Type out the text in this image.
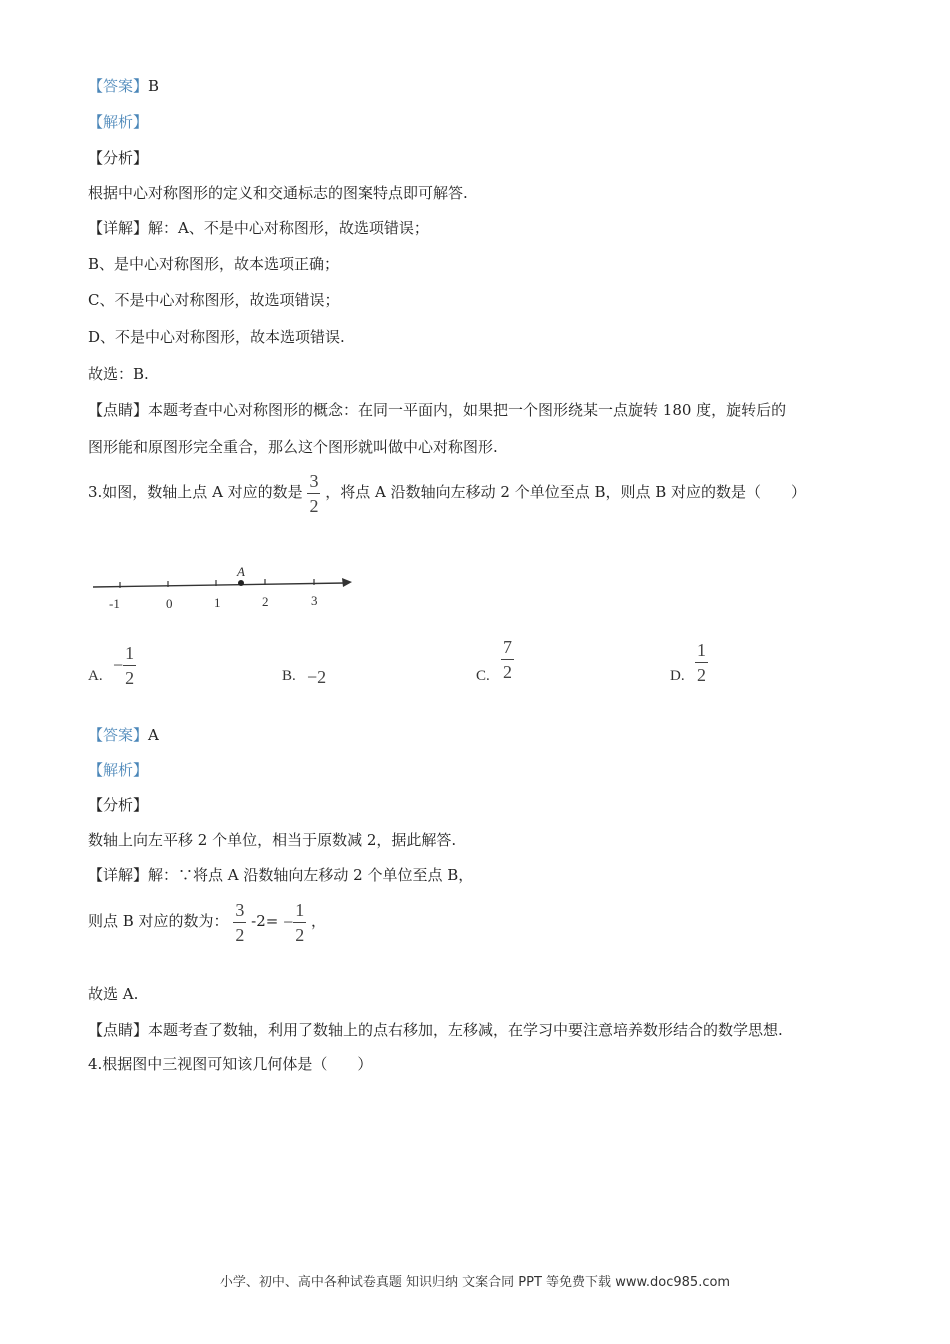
【答案】B
【解析】
【分析】
根据中心对称图形的定义和交通标志的图案特点即可解答.
【详解】解：A、不是中心对称图形，故选项错误；
B、是中心对称图形，故本选项正确；
C、不是中心对称图形，故选项错误；
D、不是中心对称图形，故本选项错误.
故选：B.
【点睛】本题考查中心对称图形的概念：在同一平面内，如果把一个图形绕某一点旋转 180 度，旋转后的
图形能和原图形完全重合，那么这个图形就叫做中心对称图形.
3.如图，数轴上点 A 对应的数是 $\frac{3}{2}$ ，将点 A 沿数轴向左移动 2 个单位至点 B，则点 B 对应的数是（　　）
A
-1	0	1	2	3
A.
− $\frac{1}{2}$	B. −2	C.
7
2	D.
1
2
【答案】A
【解析】
【分析】
数轴上向左平移 2 个单位，相当于原数减 2，据此解答.
【详解】解：∵将点 A 沿数轴向左移动 2 个单位至点 B，
则点 B 对应的数为： $\frac{3}{2} -2= - \frac{1}{2}$ ，
故选 A.
【点睛】本题考查了数轴，利用了数轴上的点右移加，左移减，在学习中要注意培养数形结合的数学思想.
4.根据图中三视图可知该几何体是（　　）
小学、初中、高中各种试卷真题 知识归纳 文案合同 PPT 等免费下载 www.doc985.com
